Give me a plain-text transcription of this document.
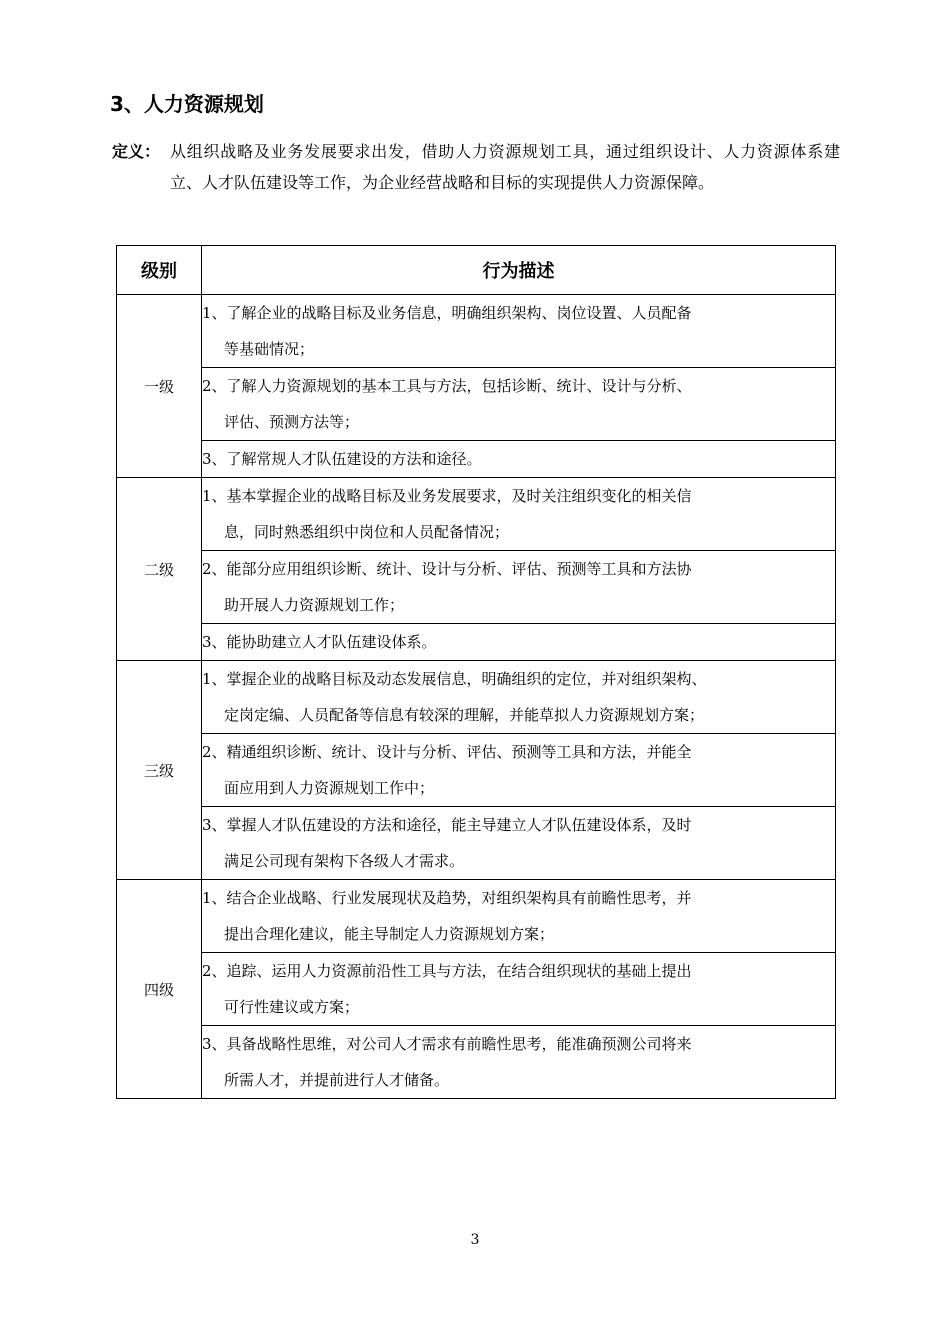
3、人力资源规划
定义： 从组织战略及业务发展要求出发，借助人力资源规划工具，通过组织设计、人力资源体系建立、人才队伍建设等工作，为企业经营战略和目标的实现提供人力资源保障。
级别	行为描述
一级	1、了解企业的战略目标及业务信息，明确组织架构、岗位设置、人员配备
等基础情况；

	2、了解人力资源规划的基本工具与方法，包括诊断、统计、设计与分析、
评估、预测方法等；

	3、了解常规人才队伍建设的方法和途径。

二级	1、基本掌握企业的战略目标及业务发展要求，及时关注组织变化的相关信
息，同时熟悉组织中岗位和人员配备情况；

	2、能部分应用组织诊断、统计、设计与分析、评估、预测等工具和方法协
助开展人力资源规划工作；

	3、能协助建立人才队伍建设体系。

三级	1、掌握企业的战略目标及动态发展信息，明确组织的定位，并对组织架构、
定岗定编、人员配备等信息有较深的理解，并能草拟人力资源规划方案；

	2、精通组织诊断、统计、设计与分析、评估、预测等工具和方法，并能全
面应用到人力资源规划工作中；

	3、掌握人才队伍建设的方法和途径，能主导建立人才队伍建设体系，及时
满足公司现有架构下各级人才需求。

四级	1、结合企业战略、行业发展现状及趋势，对组织架构具有前瞻性思考，并
提出合理化建议，能主导制定人力资源规划方案；

	2、追踪、运用人力资源前沿性工具与方法，在结合组织现状的基础上提出
可行性建议或方案；

	3、具备战略性思维，对公司人才需求有前瞻性思考，能准确预测公司将来
所需人才，并提前进行人才储备。
3
